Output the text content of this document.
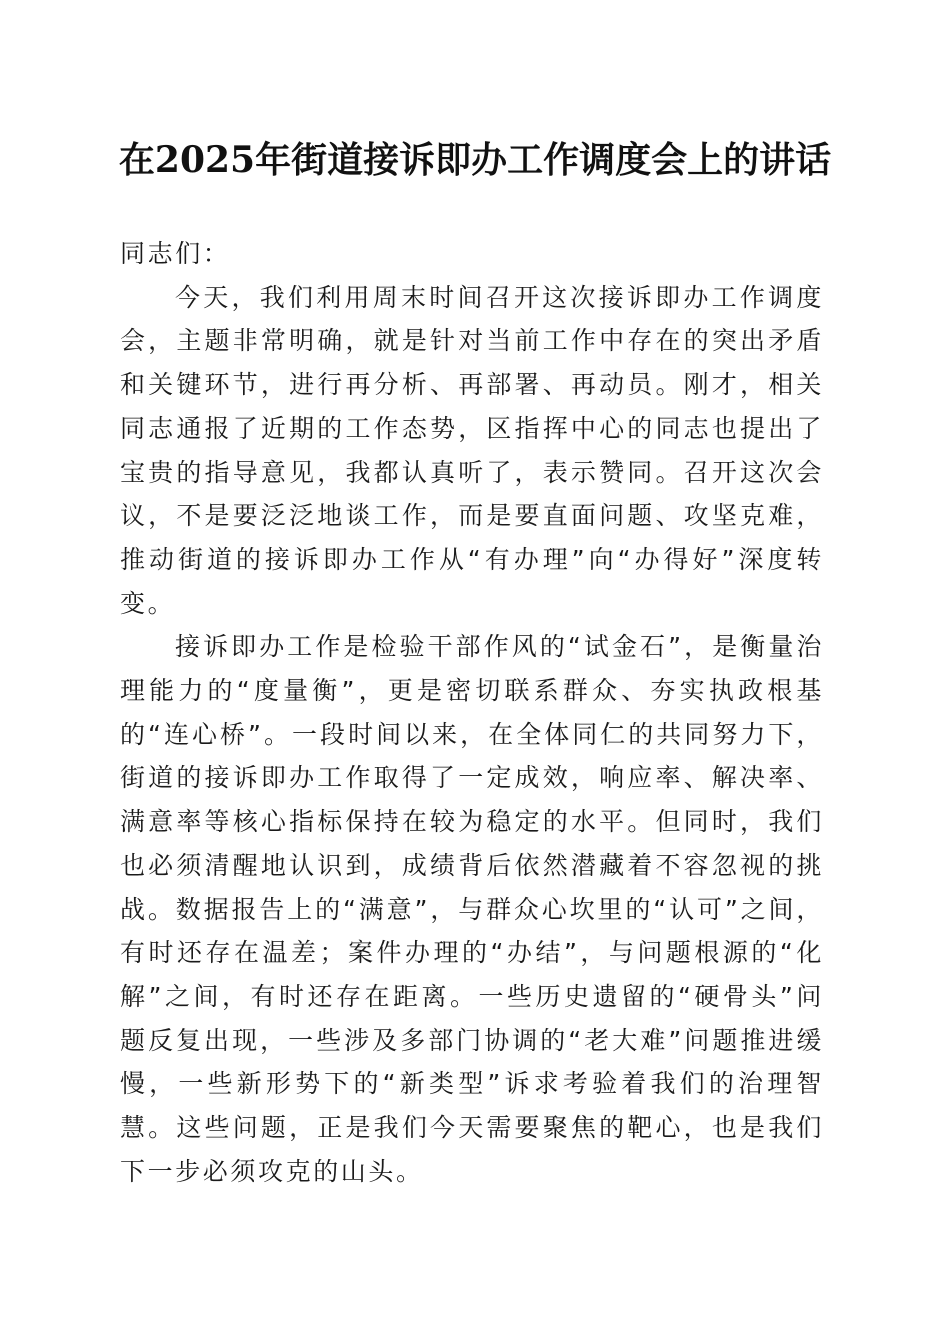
在2025年街道接诉即办工作调度会上的讲话

同志们：

今天，我们利用周末时间召开这次接诉即办工作调度会，主题非常明确，就是针对当前工作中存在的突出矛盾和关键环节，进行再分析、再部署、再动员。刚才，相关同志通报了近期的工作态势，区指挥中心的同志也提出了宝贵的指导意见，我都认真听了，表示赞同。召开这次会议，不是要泛泛地谈工作，而是要直面问题、攻坚克难，推动街道的接诉即办工作从“有办理”向“办得好”深度转变。

接诉即办工作是检验干部作风的“试金石”，是衡量治理能力的“度量衡”，更是密切联系群众、夯实执政根基的“连心桥”。一段时间以来，在全体同仁的共同努力下，街道的接诉即办工作取得了一定成效，响应率、解决率、满意率等核心指标保持在较为稳定的水平。但同时，我们也必须清醒地认识到，成绩背后依然潜藏着不容忽视的挑战。数据报告上的“满意”，与群众心坎里的“认可”之间，有时还存在温差；案件办理的“办结”，与问题根源的“化解”之间，有时还存在距离。一些历史遗留的“硬骨头”问题反复出现，一些涉及多部门协调的“老大难”问题推进缓慢，一些新形势下的“新类型”诉求考验着我们的治理智慧。这些问题，正是我们今天需要聚焦的靶心，也是我们下一步必须攻克的山头。
